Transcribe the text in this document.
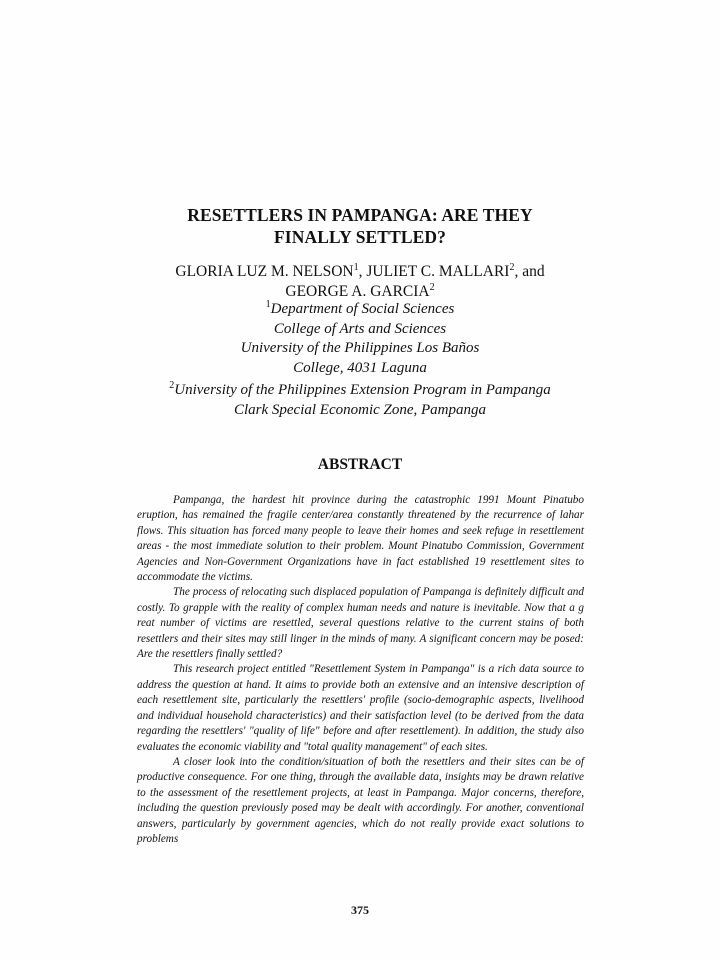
RESETTLERS IN PAMPANGA: ARE THEY
FINALLY SETTLED?
GLORIA LUZ M. NELSON$^1$, JULIET C. MALLARI$^2$, and
GEORGE A. GARCIA$^2$
$^1$Department of Social Sciences
College of Arts and Sciences
University of the Philippines Los Baños
College, 4031 Laguna
$^2$University of the Philippines Extension Program in Pampanga
Clark Special Economic Zone, Pampanga
ABSTRACT

Pampanga, the hardest hit province during the catastrophic 1991 Mount Pinatubo eruption, has remained the fragile center/area constantly threatened by the recurrence of lahar flows. This situation has forced many people to leave their homes and seek refuge in resettlement areas - the most immediate solution to their problem. Mount Pinatubo Commission, Government Agencies and Non-Government Organizations have in fact established 19 resettlement sites to accommodate the victims.

The process of relocating such displaced population of Pampanga is definitely difficult and costly. To grapple with the reality of complex human needs and nature is inevitable. Now that a g reat number of victims are resettled, several questions relative to the current stains of both resettlers and their sites may still linger in the minds of many. A significant concern may be posed: Are the resettlers finally settled?

This research project entitled "Resettlement System in Pampanga" is a rich data source to address the question at hand. It aims to provide both an extensive and an intensive description of each resettlement site, particularly the resettlers' profile (socio-demographic aspects, livelihood and individual household characteristics) and their satisfaction level (to be derived from the data regarding the resettlers' "quality of life" before and after resettlement). In addition, the study also evaluates the economic viability and "total quality management" of each sites.

A closer look into the condition/situation of both the resettlers and their sites can be of productive consequence. For one thing, through the available data, insights may be drawn relative to the assessment of the resettlement projects, at least in Pampanga. Major concerns, therefore, including the question previously posed may be dealt with accordingly. For another, conventional answers, particularly by government agencies, which do not really provide exact solutions to problems

375
